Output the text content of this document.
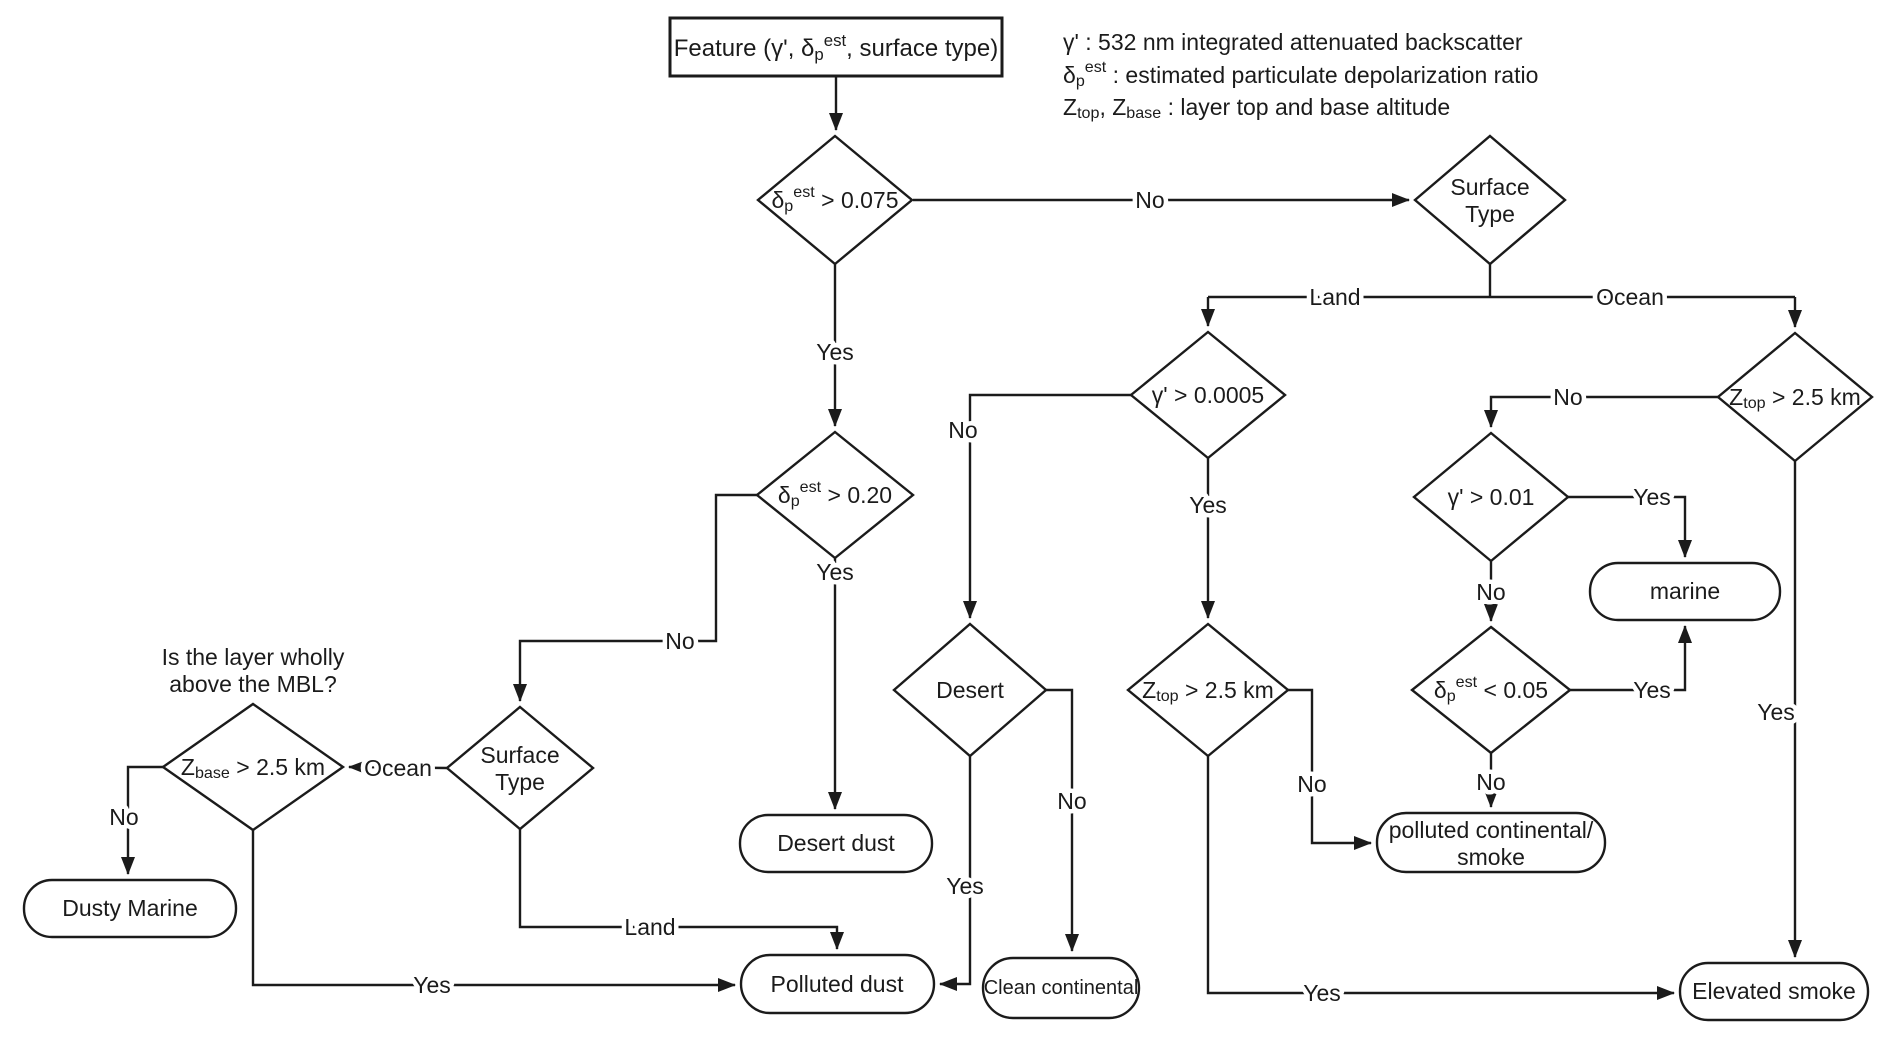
Feature (γ', $\delta_p^{est}$, surface type)	γ' : 532 nm integrated attenuated backscatter
$\delta_p^{est}$ : estimated particulate depolarization ratio
$Z_{top}$, $Z_{base}$ : layer top and base altitude
$\delta_p^{est} > 0.075$	Surface
Type
$\delta_p^{est} > 0.20$
Surface
Type
Is the layer wholly
above the MBL?
$Z_{base} > 2.5$ km
Desert
γ' > 0.0005
$Z_{top} > 2.5$ km
$Z_{top} > 2.5$ km
γ' > 0.01
$\delta_p^{est} < 0.05$
Dusty Marine
Desert dust
Polluted dust	Clean continental
polluted continental/
smoke
marine
Elevated smoke
No
Yes
No
Yes
Ocean
Land
No
Yes
Yes
No
Land	Ocean
No
Yes
No
Yes
No
Yes
Yes
No
Yes
No
